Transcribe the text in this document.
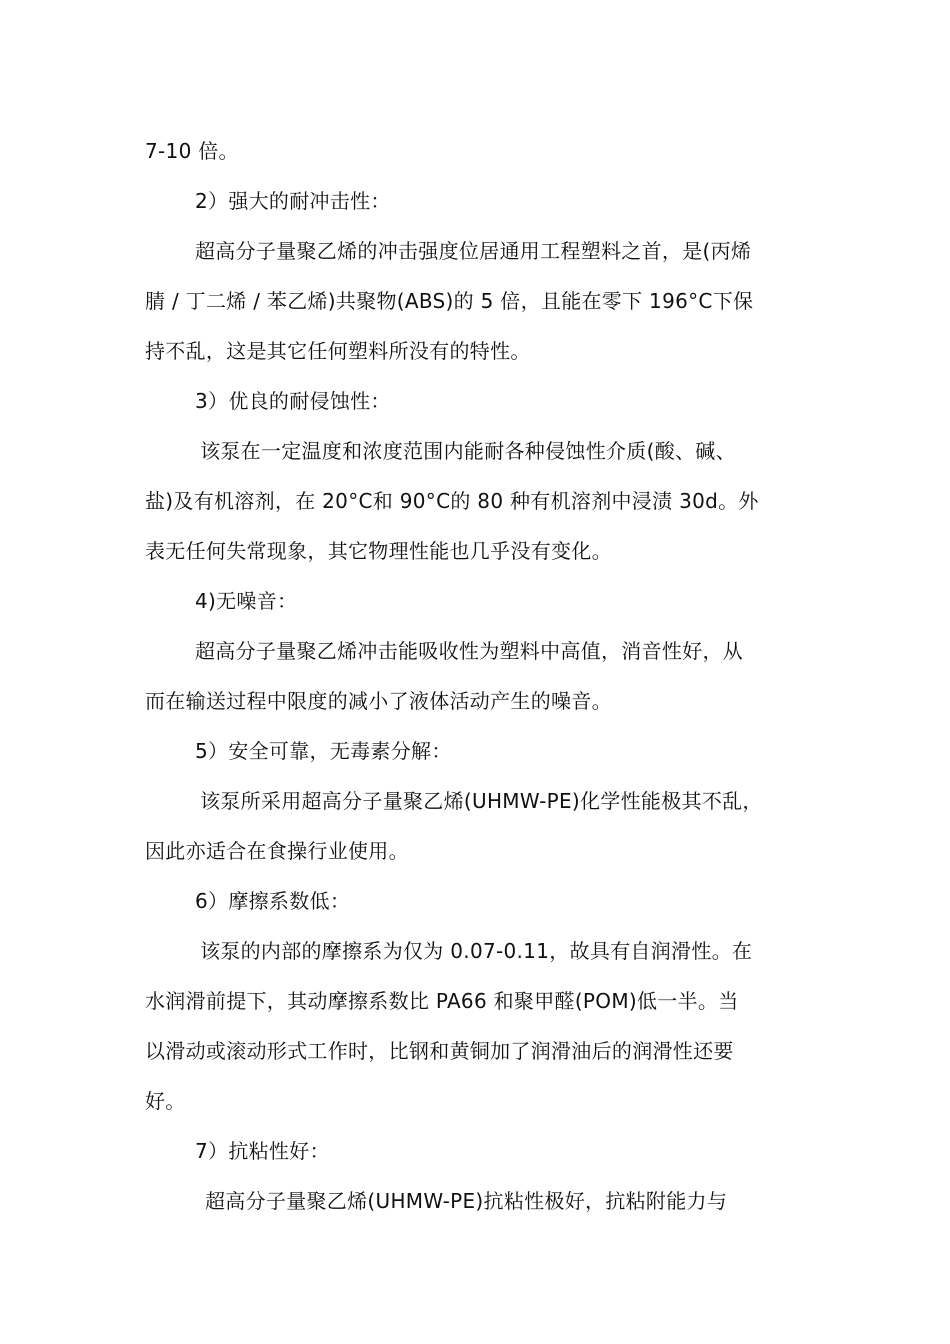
7-10 倍。
2）强大的耐冲击性：
超高分子量聚乙烯的冲击强度位居通用工程塑料之首，是(丙烯
腈 / 丁二烯 / 苯乙烯)共聚物(ABS)的 5 倍，且能在零下 196°C下保
持不乱，这是其它任何塑料所没有的特性。
3）优良的耐侵蚀性：
该泵在一定温度和浓度范围内能耐各种侵蚀性介质(酸、碱、
盐)及有机溶剂，在 20°C和 90°C的 80 种有机溶剂中浸渍 30d。外
表无任何失常现象，其它物理性能也几乎没有变化。
4)无噪音：
超高分子量聚乙烯冲击能吸收性为塑料中高值，消音性好，从
而在输送过程中限度的减小了液体活动产生的噪音。
5）安全可靠，无毒素分解：
该泵所采用超高分子量聚乙烯(UHMW-PE)化学性能极其不乱，
因此亦适合在食操行业使用。
6）摩擦系数低：
该泵的内部的摩擦系为仅为 0.07-0.11，故具有自润滑性。在
水润滑前提下，其动摩擦系数比 PA66 和聚甲醛(POM)低一半。当
以滑动或滚动形式工作时，比钢和黄铜加了润滑油后的润滑性还要
好。
7）抗粘性好：
超高分子量聚乙烯(UHMW-PE)抗粘性极好，抗粘附能力与
